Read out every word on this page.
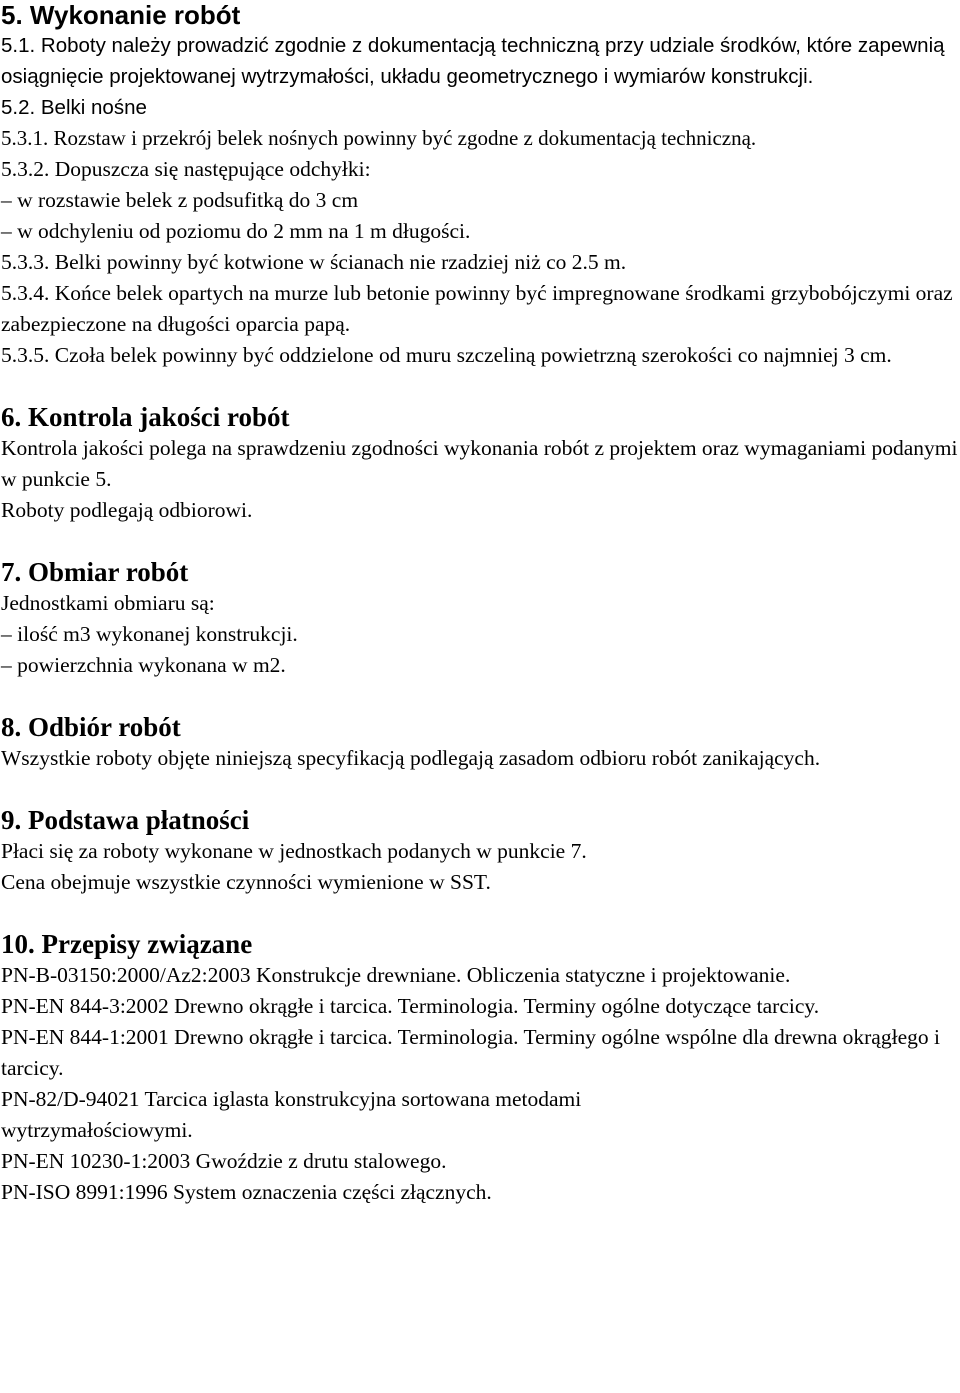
5. Wykonanie robót

5.1. Roboty należy prowadzić zgodnie z dokumentacją techniczną przy udziale środków, które zapewnią osiągnięcie projektowanej wytrzymałości, układu geometrycznego i wymiarów konstrukcji.

5.2. Belki nośne

5.3.1. Rozstaw i przekrój belek nośnych powinny być zgodne z dokumentacją techniczną.

5.3.2. Dopuszcza się następujące odchyłki:

– w rozstawie belek z podsufitką do 3 cm

– w odchyleniu od poziomu do 2 mm na 1 m długości.

5.3.3. Belki powinny być kotwione w ścianach nie rzadziej niż co 2.5 m.

5.3.4. Końce belek opartych na murze lub betonie powinny być impregnowane środkami grzybobójczymi oraz zabezpieczone na długości oparcia papą.

5.3.5. Czoła belek powinny być oddzielone od muru szczeliną powietrzną szerokości co najmniej 3 cm.

6. Kontrola jakości robót

Kontrola jakości polega na sprawdzeniu zgodności wykonania robót z projektem oraz wymaganiami podanymi w punkcie 5.

Roboty podlegają odbiorowi.

7. Obmiar robót

Jednostkami obmiaru są:

– ilość m3 wykonanej konstrukcji.

– powierzchnia wykonana w m2.

8. Odbiór robót

Wszystkie roboty objęte niniejszą specyfikacją podlegają zasadom odbioru robót zanikających.

9. Podstawa płatności

Płaci się za roboty wykonane w jednostkach podanych w punkcie 7.

Cena obejmuje wszystkie czynności wymienione w SST.

10. Przepisy związane

PN-B-03150:2000/Az2:2003 Konstrukcje drewniane. Obliczenia statyczne i projektowanie.

PN-EN 844-3:2002 Drewno okrągłe i tarcica. Terminologia. Terminy ogólne dotyczące tarcicy.

PN-EN 844-1:2001 Drewno okrągłe i tarcica. Terminologia. Terminy ogólne wspólne dla drewna okrągłego i tarcicy.

PN-82/D-94021 Tarcica iglasta konstrukcyjna sortowana metodami wytrzymałościowymi.

PN-EN 10230-1:2003 Gwoździe z drutu stalowego.

PN-ISO 8991:1996 System oznaczenia części złącznych.
